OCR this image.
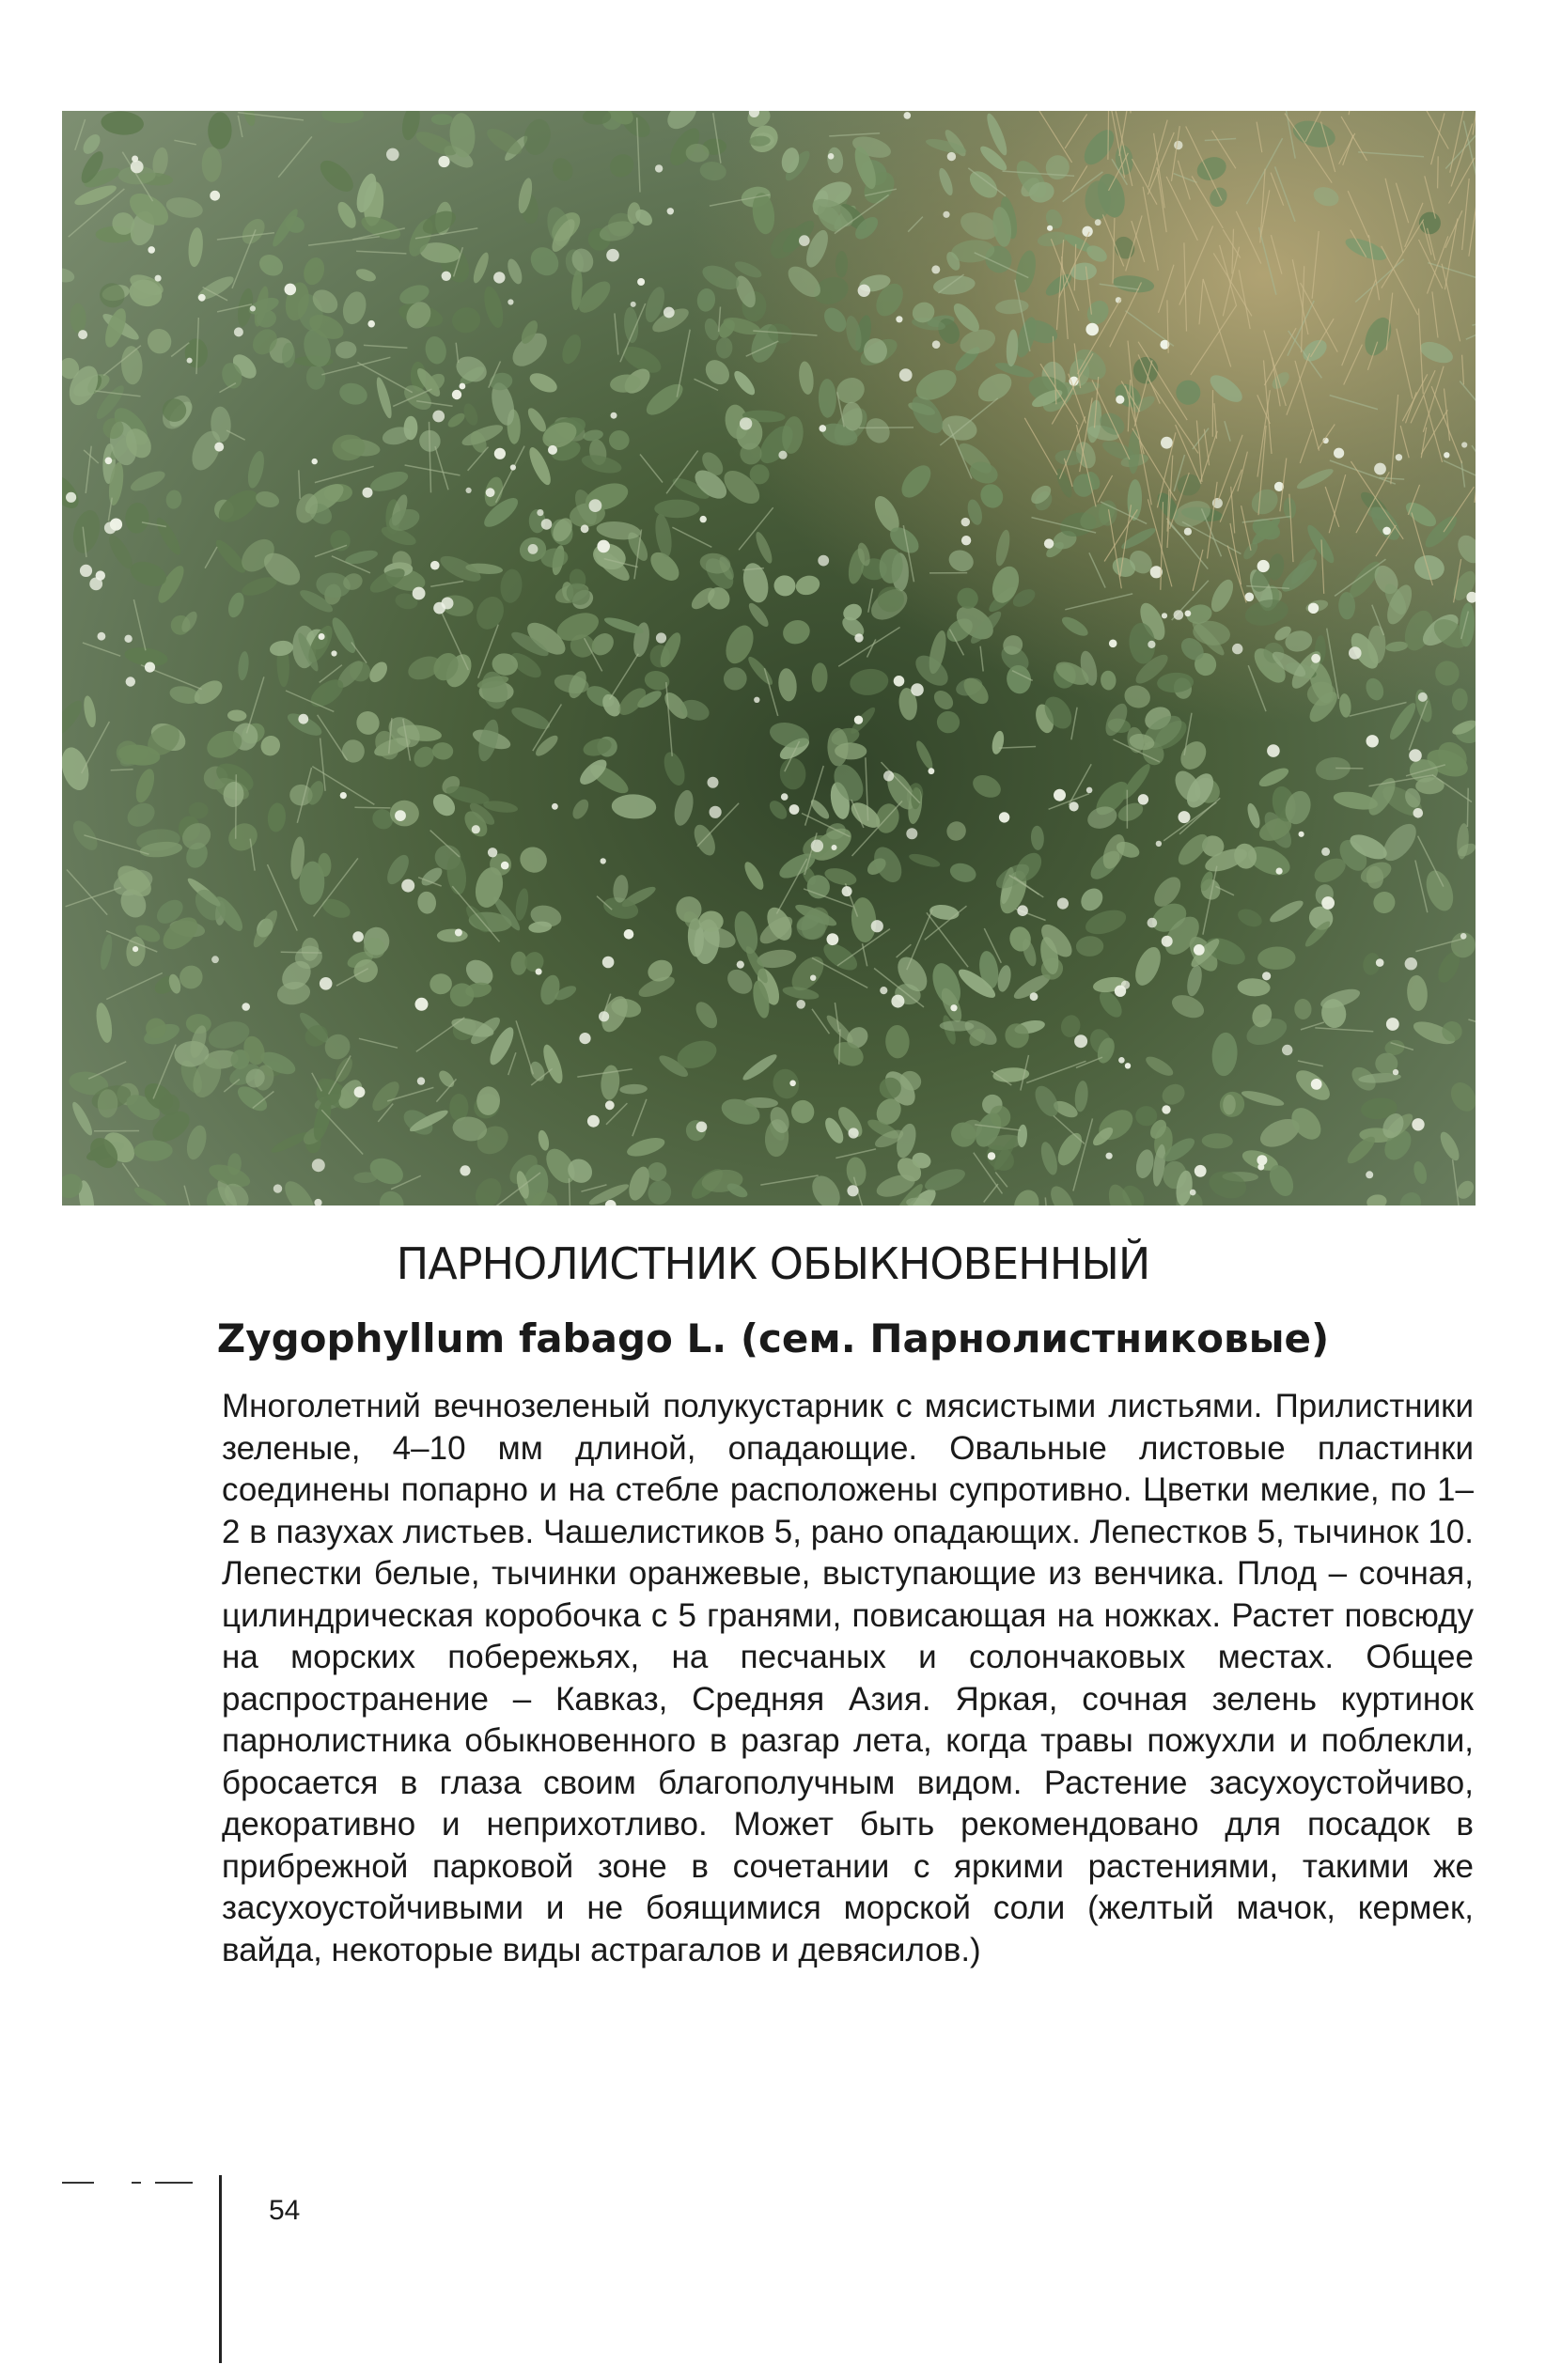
ПАРНОЛИСТНИК ОБЫКНОВЕННЫЙ
Zygophyllum fabago L. (сем. Парнолистниковые)

Многолетний вечнозеленый полукустарник с мясистыми листьями. Прилистники зеленые, 4–10 мм длиной, опадающие. Овальные листовые пластинки соединены попарно и на стебле расположены супротивно. Цветки мелкие, по 1–2 в пазухах листьев. Чашелистиков 5, рано опадающих. Лепестков 5, тычинок 10. Лепестки белые, тычинки оранжевые, выступающие из венчика. Плод – сочная, цилиндрическая коробочка с 5 гранями, повисающая на ножках. Растет повсюду на морских побережьях, на песчаных и солончаковых местах. Общее распространение – Кавказ, Средняя Азия. Яркая, сочная зелень куртинок парнолистника обыкновенного в разгар лета, когда травы пожухли и поблекли, бросается в глаза своим благополучным видом. Растение засухоустойчиво, декоративно и неприхотливо. Может быть рекомендовано для посадок в прибрежной парковой зоне в сочетании с яркими растениями, такими же засухоустойчивыми и не боящимися морской соли (желтый мачок, кермек, вайда, некоторые виды астрагалов и девясилов.)

54
